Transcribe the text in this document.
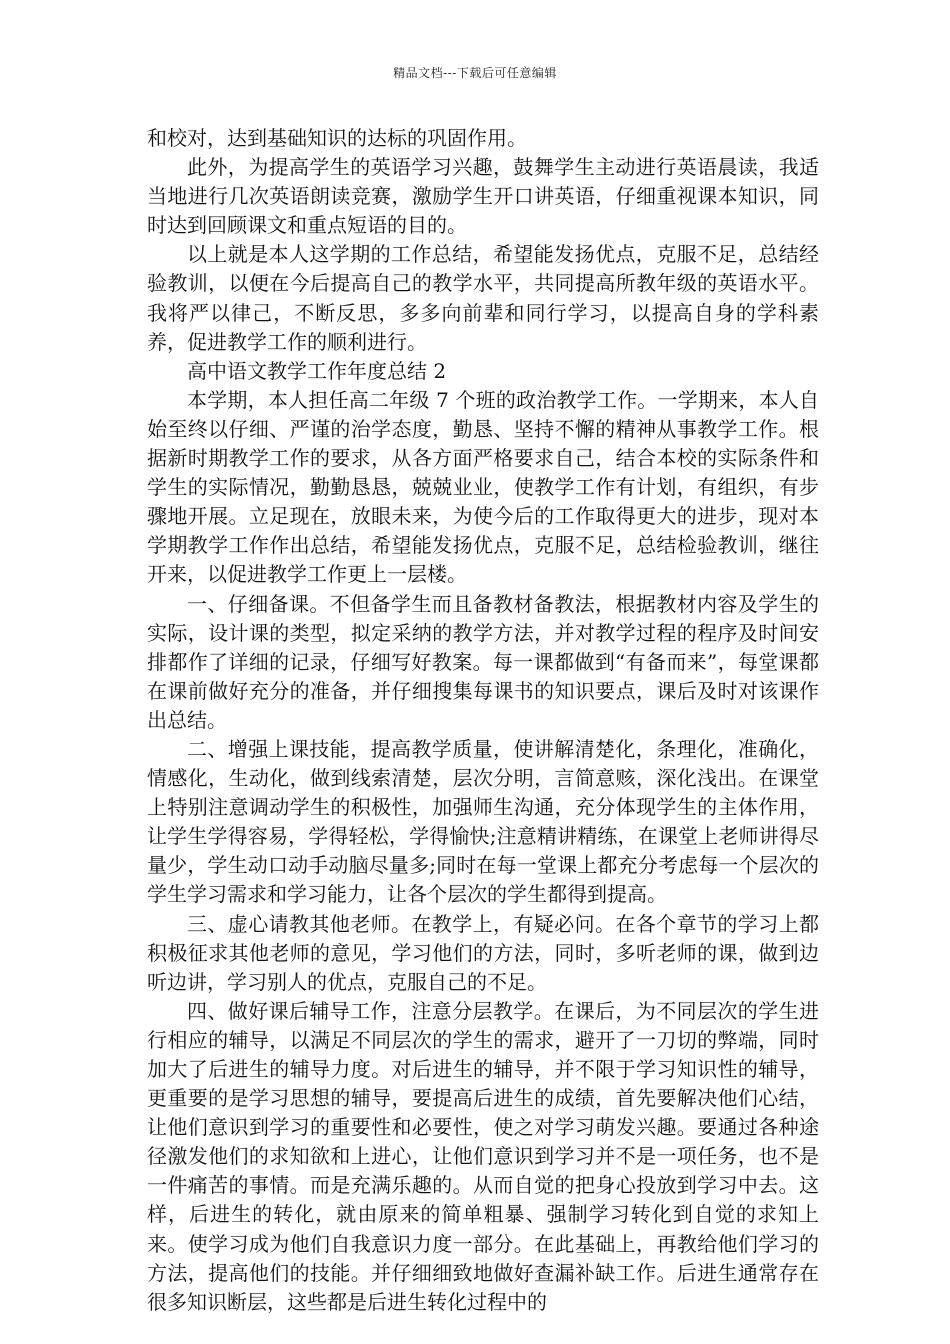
精品文档---下载后可任意编辑

和校对，达到基础知识的达标的巩固作用。

此外，为提高学生的英语学习兴趣，鼓舞学生主动进行英语晨读，我适当地进行几次英语朗读竞赛，激励学生开口讲英语，仔细重视课本知识，同时达到回顾课文和重点短语的目的。

以上就是本人这学期的工作总结，希望能发扬优点，克服不足，总结经验教训，以便在今后提高自己的教学水平，共同提高所教年级的英语水平。我将严以律己，不断反思，多多向前辈和同行学习，以提高自身的学科素养，促进教学工作的顺利进行。

高中语文教学工作年度总结 2

本学期，本人担任高二年级 7 个班的政治教学工作。一学期来，本人自始至终以仔细、严谨的治学态度，勤恳、坚持不懈的精神从事教学工作。根据新时期教学工作的要求，从各方面严格要求自己，结合本校的实际条件和学生的实际情况，勤勤恳恳，兢兢业业，使教学工作有计划，有组织，有步骤地开展。立足现在，放眼未来，为使今后的工作取得更大的进步，现对本学期教学工作作出总结，希望能发扬优点，克服不足，总结检验教训，继往开来，以促进教学工作更上一层楼。

一、仔细备课。不但备学生而且备教材备教法，根据教材内容及学生的实际，设计课的类型，拟定采纳的教学方法，并对教学过程的程序及时间安排都作了详细的记录，仔细写好教案。每一课都做到“有备而来”，每堂课都在课前做好充分的准备，并仔细搜集每课书的知识要点，课后及时对该课作出总结。

二、增强上课技能，提高教学质量，使讲解清楚化，条理化，准确化，情感化，生动化，做到线索清楚，层次分明，言简意赅，深化浅出。在课堂上特别注意调动学生的积极性，加强师生沟通，充分体现学生的主体作用，让学生学得容易，学得轻松，学得愉快;注意精讲精练，在课堂上老师讲得尽量少，学生动口动手动脑尽量多;同时在每一堂课上都充分考虑每一个层次的学生学习需求和学习能力，让各个层次的学生都得到提高。

三、虚心请教其他老师。在教学上，有疑必问。在各个章节的学习上都积极征求其他老师的意见，学习他们的方法，同时，多听老师的课，做到边听边讲，学习别人的优点，克服自己的不足。

四、做好课后辅导工作，注意分层教学。在课后，为不同层次的学生进行相应的辅导，以满足不同层次的学生的需求，避开了一刀切的弊端，同时加大了后进生的辅导力度。对后进生的辅导，并不限于学习知识性的辅导，更重要的是学习思想的辅导，要提高后进生的成绩，首先要解决他们心结，让他们意识到学习的重要性和必要性，使之对学习萌发兴趣。要通过各种途径激发他们的求知欲和上进心，让他们意识到学习并不是一项任务，也不是一件痛苦的事情。而是充满乐趣的。从而自觉的把身心投放到学习中去。这样，后进生的转化，就由原来的简单粗暴、强制学习转化到自觉的求知上来。使学习成为他们自我意识力度一部分。在此基础上，再教给他们学习的方法，提高他们的技能。并仔细细致地做好查漏补缺工作。后进生通常存在很多知识断层，这些都是后进生转化过程中的
